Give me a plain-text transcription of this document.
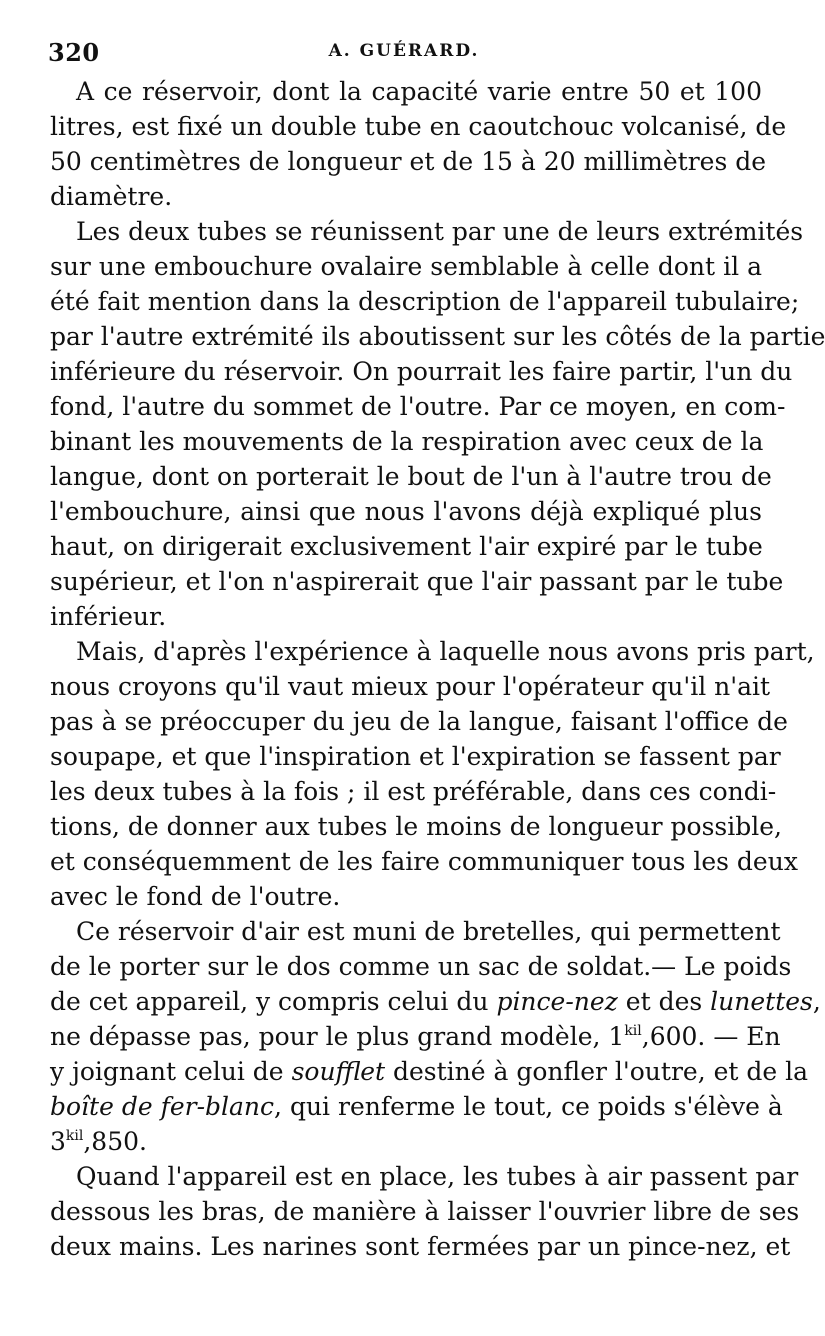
320	A. GUÉRARD.
A ce réservoir, dont la capacité varie entre 50 et 100
litres, est fixé un double tube en caoutchouc volcanisé, de
50 centimètres de longueur et de 15 à 20 millimètres de
diamètre.
Les deux tubes se réunissent par une de leurs extrémités
sur une embouchure ovalaire semblable à celle dont il a
été fait mention dans la description de l'appareil tubulaire;
par l'autre extrémité ils aboutissent sur les côtés de la partie
inférieure du réservoir. On pourrait les faire partir, l'un du
fond, l'autre du sommet de l'outre. Par ce moyen, en com-
binant les mouvements de la respiration avec ceux de la
langue, dont on porterait le bout de l'un à l'autre trou de
l'embouchure, ainsi que nous l'avons déjà expliqué plus
haut, on dirigerait exclusivement l'air expiré par le tube
supérieur, et l'on n'aspirerait que l'air passant par le tube
inférieur.
Mais, d'après l'expérience à laquelle nous avons pris part,
nous croyons qu'il vaut mieux pour l'opérateur qu'il n'ait
pas à se préoccuper du jeu de la langue, faisant l'office de
soupape, et que l'inspiration et l'expiration se fassent par
les deux tubes à la fois ; il est préférable, dans ces condi-
tions, de donner aux tubes le moins de longueur possible,
et conséquemment de les faire communiquer tous les deux
avec le fond de l'outre.
Ce réservoir d'air est muni de bretelles, qui permettent
de le porter sur le dos comme un sac de soldat.— Le poids
de cet appareil, y compris celui du pince-nez et des lunettes,
ne dépasse pas, pour le plus grand modèle, $1^{kil},600$. — En
y joignant celui de soufflet destiné à gonfler l'outre, et de la
boîte de fer-blanc, qui renferme le tout, ce poids s'élève à
$3^{kil},850$.
Quand l'appareil est en place, les tubes à air passent par
dessous les bras, de manière à laisser l'ouvrier libre de ses
deux mains. Les narines sont fermées par un pince-nez, et
